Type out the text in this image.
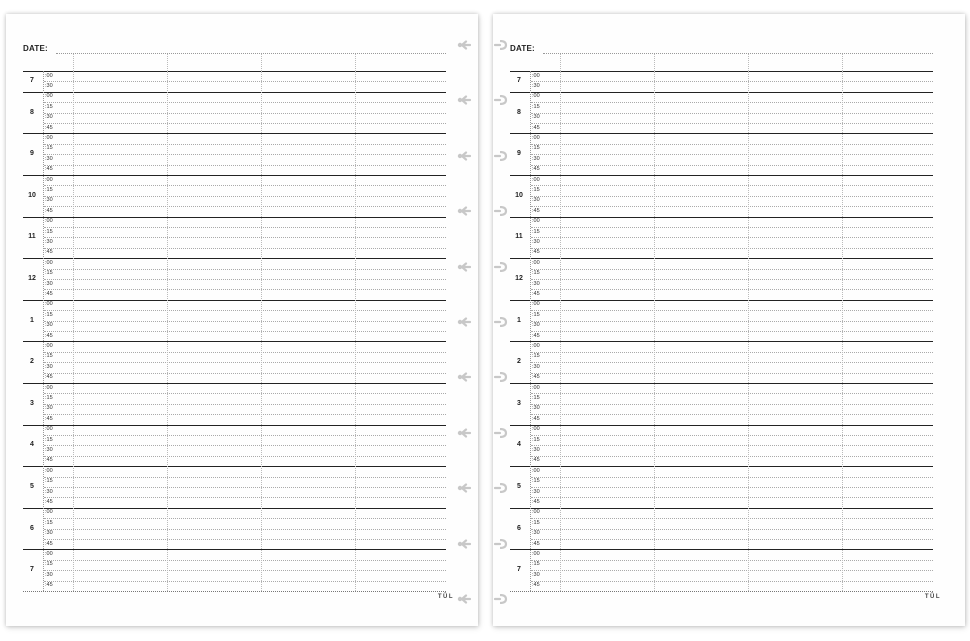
DATE:
7
:00
:30
8
:00
:15
:30
:45
9
:00
:15
:30
:45
10
:00
:15
:30
:45
11
:00
:15
:30
:45
12
:00
:15
:30
:45
1
:00
:15
:30
:45
2
:00
:15
:30
:45
3
:00
:15
:30
:45
4
:00
:15
:30
:45
5
:00
:15
:30
:45
6
:00
:15
:30
:45
7
:00
:15
:30
:45
TŪL
DATE:
7
:00
:30
8
:00
:15
:30
:45
9
:00
:15
:30
:45
10
:00
:15
:30
:45
11
:00
:15
:30
:45
12
:00
:15
:30
:45
1
:00
:15
:30
:45
2
:00
:15
:30
:45
3
:00
:15
:30
:45
4
:00
:15
:30
:45
5
:00
:15
:30
:45
6
:00
:15
:30
:45
7
:00
:15
:30
:45
TŪL
